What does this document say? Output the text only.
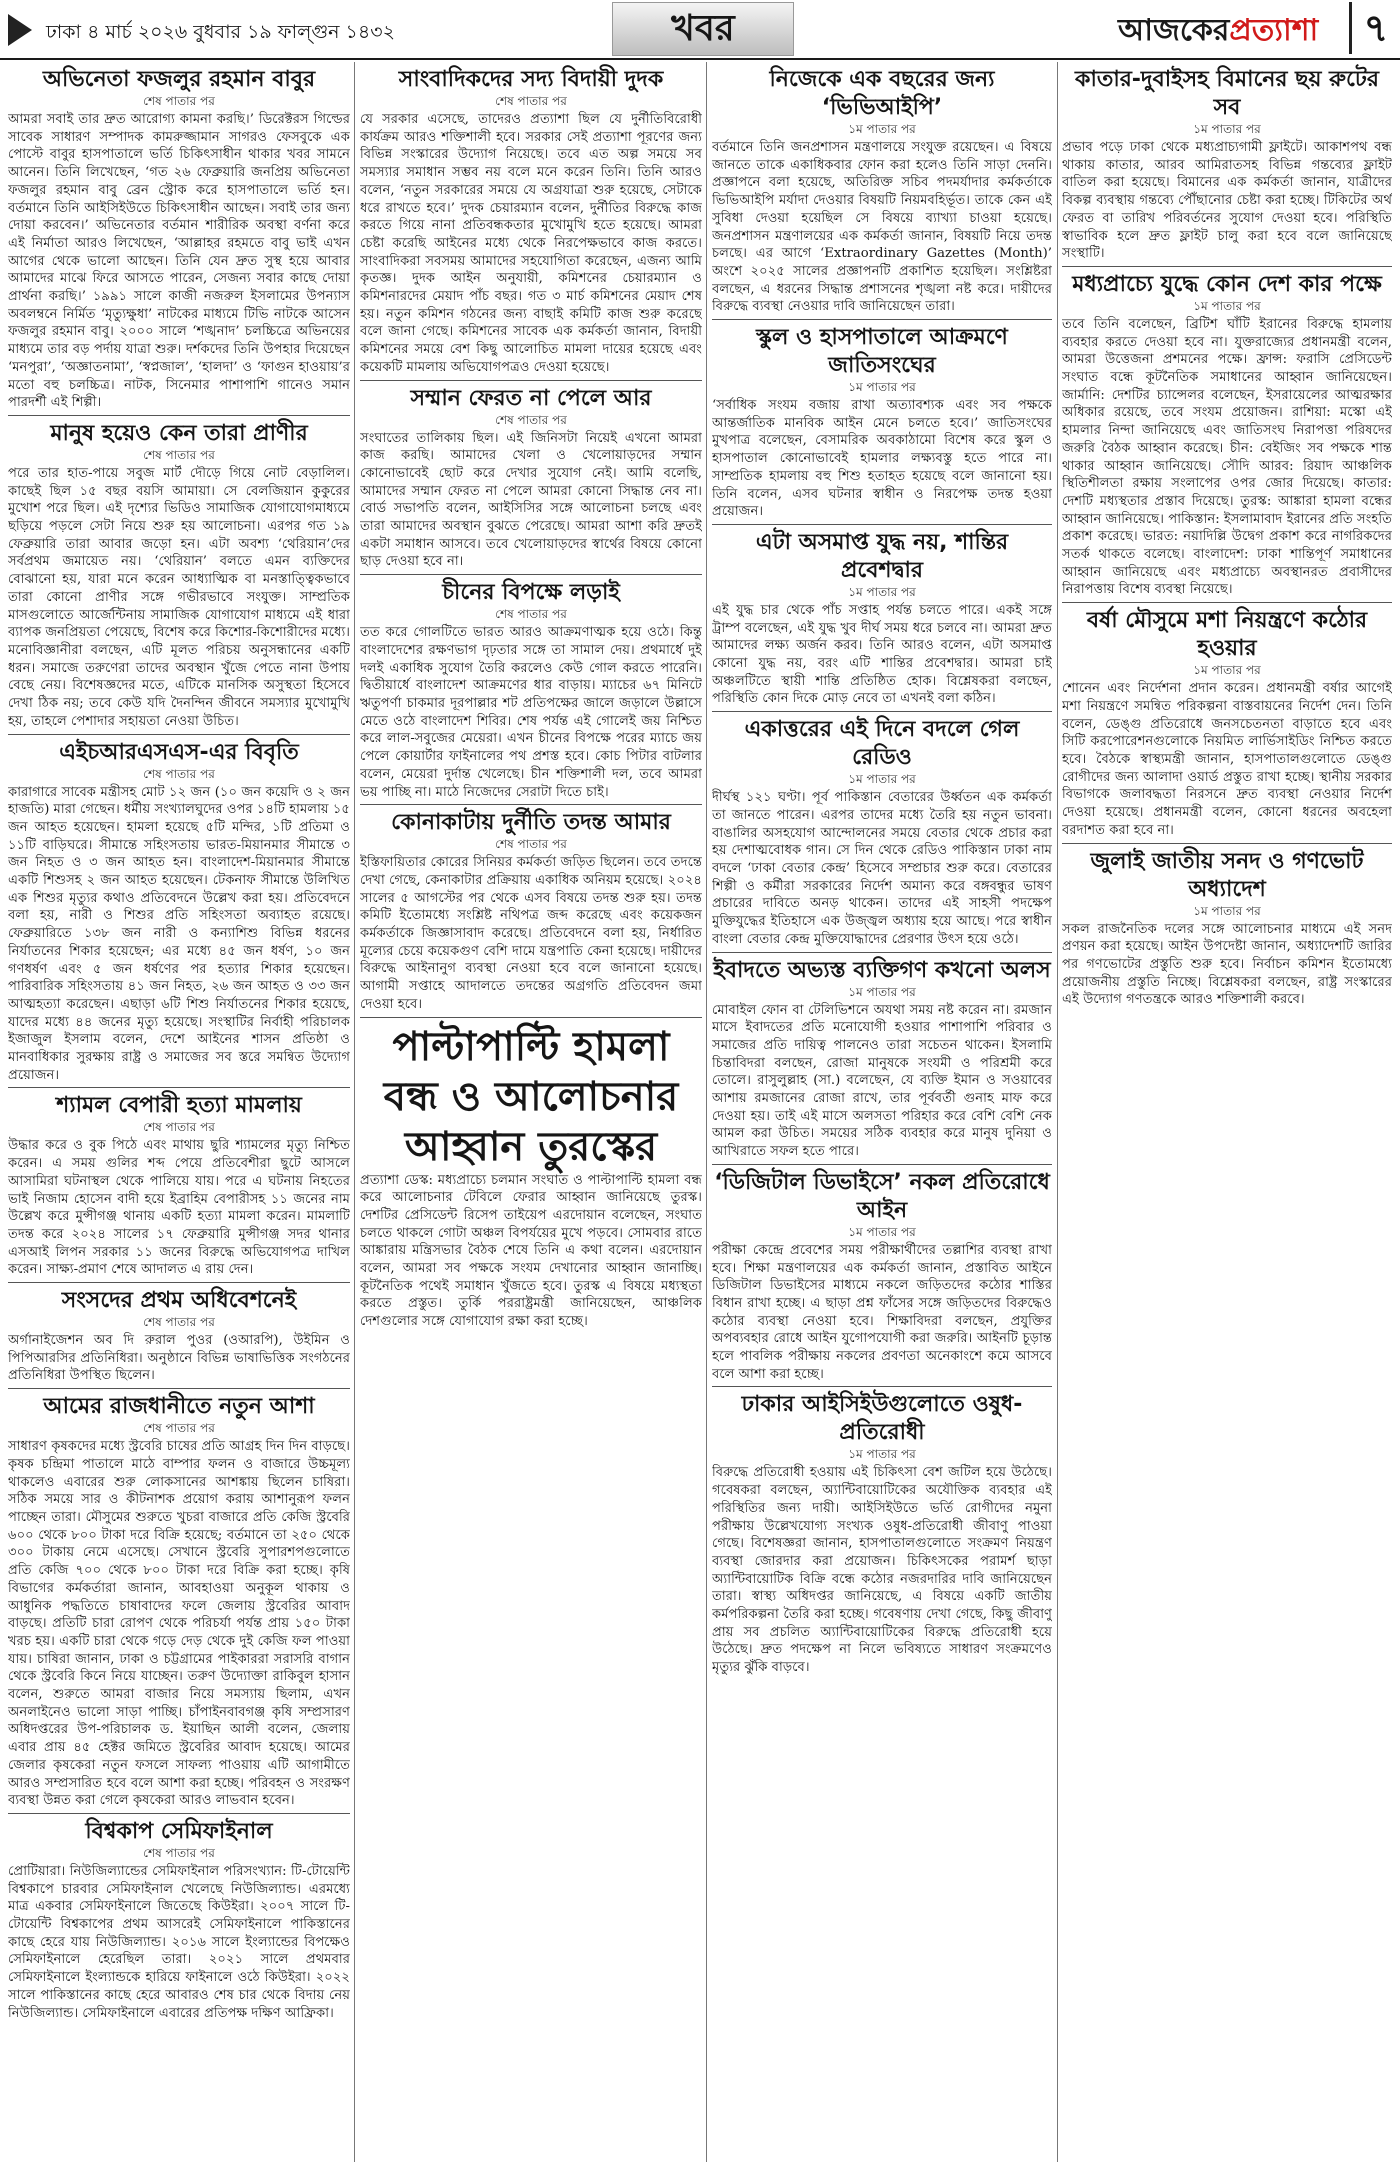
ঢাকা ৪ মার্চ ২০২৬ বুধবার ১৯ ফাল্গুন ১৪৩২	খবর	আজকেরপ্রত্যাশা	৭
অভিনেতা ফজলুর রহমান বাবুর
শেষ পাতার পর

আমরা সবাই তার দ্রুত আরোগ্য কামনা করছি।’ ডিরেক্টরস গিল্ডের সাবেক সাধারণ সম্পাদক কামরুজ্জামান সাগরও ফেসবুকে এক পোস্টে বাবুর হাসপাতালে ভর্তি চিকিৎসাধীন থাকার খবর সামনে আনেন। তিনি লিখেছেন, ‘গত ২৬ ফেব্রুয়ারি জনপ্রিয় অভিনেতা ফজলুর রহমান বাবু ব্রেন স্ট্রোক করে হাসপাতালে ভর্তি হন। বর্তমানে তিনি আইসিইউতে চিকিৎসাধীন আছেন। সবাই তার জন্য দোয়া করবেন।’ অভিনেতার বর্তমান শারীরিক অবস্থা বর্ণনা করে এই নির্মাতা আরও লিখেছেন, ‘আল্লাহর রহমতে বাবু ভাই এখন আগের থেকে ভালো আছেন। তিনি যেন দ্রুত সুস্থ হয়ে আবার আমাদের মাঝে ফিরে আসতে পারেন, সেজন্য সবার কাছে দোয়া প্রার্থনা করছি।’ ১৯৯১ সালে কাজী নজরুল ইসলামের উপন্যাস অবলম্বনে নির্মিত ‘মৃত্যুক্ষুধা’ নাটকের মাধ্যমে টিভি নাটকে আসেন ফজলুর রহমান বাবু। ২০০০ সালে ‘শঙ্খনাদ’ চলচ্চিত্রে অভিনয়ের মাধ্যমে তার বড় পর্দায় যাত্রা শুরু। দর্শকদের তিনি উপহার দিয়েছেন ‘মনপুরা’, ‘অজ্ঞাতনামা’, ‘স্বপ্নজাল’, ‘হালদা’ ও ‘ফাগুন হাওয়ায়’র মতো বহু চলচ্চিত্র। নাটক, সিনেমার পাশাপাশি গানেও সমান পারদর্শী এই শিল্পী।

মানুষ হয়েও কেন তারা প্রাণীর
শেষ পাতার পর

পরে তার হাত-পায়ে সবুজ মার্ট দৌড়ে গিয়ে নোট বেড়ালিল। কাছেই ছিল ১৫ বছর বয়সি আমায়া। সে বেলজিয়ান কুকুরের মুখোশ পরে ছিল। এই দৃশ্যের ভিডিও সামাজিক যোগাযোগমাধ্যমে ছড়িয়ে পড়লে সেটা নিয়ে শুরু হয় আলোচনা। এরপর গত ১৯ ফেব্রুয়ারি তারা আবার জড়ো হন। এটা অবশ্য ‘থেরিয়ান’দের সর্বপ্রথম জমায়েত নয়। ‘থেরিয়ান’ বলতে এমন ব্যক্তিদের বোঝানো হয়, যারা মনে করেন আধ্যাত্মিক বা মনস্তাত্ত্বিকভাবে তারা কোনো প্রাণীর সঙ্গে গভীরভাবে সংযুক্ত। সাম্প্রতিক মাসগুলোতে আর্জেন্টিনায় সামাজিক যোগাযোগ মাধ্যমে এই ধারা ব্যাপক জনপ্রিয়তা পেয়েছে, বিশেষ করে কিশোর-কিশোরীদের মধ্যে। মনোবিজ্ঞানীরা বলছেন, এটি মূলত পরিচয় অনুসন্ধানের একটি ধরন। সমাজে তরুণেরা তাদের অবস্থান খুঁজে পেতে নানা উপায় বেছে নেয়। বিশেষজ্ঞদের মতে, এটিকে মানসিক অসুস্থতা হিসেবে দেখা ঠিক নয়; তবে কেউ যদি দৈনন্দিন জীবনে সমস্যার মুখোমুখি হয়, তাহলে পেশাদার সহায়তা নেওয়া উচিত।

এইচআরএসএস-এর বিবৃতি
শেষ পাতার পর

কারাগারে সাবেক মন্ত্রীসহ মোট ১২ জন (১০ জন কয়েদি ও ২ জন হাজতি) মারা গেছেন। ধর্মীয় সংখ্যালঘুদের ওপর ১৪টি হামলায় ১৫ জন আহত হয়েছেন। হামলা হয়েছে ৫টি মন্দির, ১টি প্রতিমা ও ১১টি বাড়িঘরে। সীমান্তে সহিংসতায় ভারত-মিয়ানমার সীমান্তে ৩ জন নিহত ও ৩ জন আহত হন। বাংলাদেশ-মিয়ানমার সীমান্তে একটি শিশুসহ ২ জন আহত হয়েছেন। টেকনাফ সীমান্তে উলিখিত এক শিশুর মৃত্যুর কথাও প্রতিবেদনে উল্লেখ করা হয়। প্রতিবেদনে বলা হয়, নারী ও শিশুর প্রতি সহিংসতা অব্যাহত রয়েছে। ফেব্রুয়ারিতে ১৩৮ জন নারী ও কন্যাশিশু বিভিন্ন ধরনের নির্যাতনের শিকার হয়েছেন; এর মধ্যে ৪৫ জন ধর্ষণ, ১০ জন গণধর্ষণ এবং ৫ জন ধর্ষণের পর হত্যার শিকার হয়েছেন। পারিবারিক সহিংসতায় ৪১ জন নিহত, ২৬ জন আহত ও ৩৩ জন আত্মহত্যা করেছেন। এছাড়া ৬টি শিশু নির্যাতনের শিকার হয়েছে, যাদের মধ্যে ৪৪ জনের মৃত্যু হয়েছে। সংস্থাটির নির্বাহী পরিচালক ইজাজুল ইসলাম বলেন, দেশে আইনের শাসন প্রতিষ্ঠা ও মানবাধিকার সুরক্ষায় রাষ্ট্র ও সমাজের সব স্তরে সমন্বিত উদ্যোগ প্রয়োজন।

শ্যামল বেপারী হত্যা মামলায়
শেষ পাতার পর

উদ্ধার করে ও বুক পিঠে এবং মাথায় ছুরি শ্যামলের মৃত্যু নিশ্চিত করেন। এ সময় গুলির শব্দ পেয়ে প্রতিবেশীরা ছুটে আসলে আসামিরা ঘটনাস্থল থেকে পালিয়ে যায়। পরে এ ঘটনায় নিহতের ভাই নিজাম হোসেন বাদী হয়ে ইব্রাহিম বেপারীসহ ১১ জনের নাম উল্লেখ করে মুন্সীগঞ্জ থানায় একটি হত্যা মামলা করেন। মামলাটি তদন্ত করে ২০২৪ সালের ১৭ ফেব্রুয়ারি মুন্সীগঞ্জ সদর থানার এসআই লিপন সরকার ১১ জনের বিরুদ্ধে অভিযোগপত্র দাখিল করেন। সাক্ষ্য-প্রমাণ শেষে আদালত এ রায় দেন।

সংসদের প্রথম অধিবেশনেই
শেষ পাতার পর

অর্গানাইজেশন অব দি রুরাল পুওর (ওআরপি), উইমিন ও পিপিআরসির প্রতিনিধিরা। অনুষ্ঠানে বিভিন্ন ভাষাভিত্তিক সংগঠনের প্রতিনিধিরা উপস্থিত ছিলেন।

আমের রাজধানীতে নতুন আশা
শেষ পাতার পর

সাধারণ কৃষকদের মধ্যে স্ট্রবেরি চাষের প্রতি আগ্রহ দিন দিন বাড়ছে। কৃষক চন্দ্রিমা পাতালে মাঠে বাম্পার ফলন ও বাজারে উচ্চমূল্য থাকলেও এবারের শুরু লোকসানের আশঙ্কায় ছিলেন চাষিরা। সঠিক সময়ে সার ও কীটনাশক প্রয়োগ করায় আশানুরূপ ফলন পাচ্ছেন তারা। মৌসুমের শুরুতে খুচরা বাজারে প্রতি কেজি স্ট্রবেরি ৬০০ থেকে ৮০০ টাকা দরে বিক্রি হয়েছে; বর্তমানে তা ২৫০ থেকে ৩০০ টাকায় নেমে এসেছে। সেখানে স্ট্রবেরি সুপারশপগুলোতে প্রতি কেজি ৭০০ থেকে ৮০০ টাকা দরে বিক্রি করা হচ্ছে। কৃষি বিভাগের কর্মকর্তারা জানান, আবহাওয়া অনুকূল থাকায় ও আধুনিক পদ্ধতিতে চাষাবাদের ফলে জেলায় স্ট্রবেরির আবাদ বাড়ছে। প্রতিটি চারা রোপণ থেকে পরিচর্যা পর্যন্ত প্রায় ১৫০ টাকা খরচ হয়। একটি চারা থেকে গড়ে দেড় থেকে দুই কেজি ফল পাওয়া যায়। চাষিরা জানান, ঢাকা ও চট্টগ্রামের পাইকাররা সরাসরি বাগান থেকে স্ট্রবেরি কিনে নিয়ে যাচ্ছেন। তরুণ উদ্যোক্তা রাকিবুল হাসান বলেন, শুরুতে আমরা বাজার নিয়ে সমস্যায় ছিলাম, এখন অনলাইনেও ভালো সাড়া পাচ্ছি। চাঁপাইনবাবগঞ্জ কৃষি সম্প্রসারণ অধিদপ্তরের উপ-পরিচালক ড. ইয়াছিন আলী বলেন, জেলায় এবার প্রায় ৪৫ হেক্টর জমিতে স্ট্রবেরির আবাদ হয়েছে। আমের জেলার কৃষকেরা নতুন ফসলে সাফল্য পাওয়ায় এটি আগামীতে আরও সম্প্রসারিত হবে বলে আশা করা হচ্ছে। পরিবহন ও সংরক্ষণ ব্যবস্থা উন্নত করা গেলে কৃষকেরা আরও লাভবান হবেন।

বিশ্বকাপ সেমিফাইনাল
শেষ পাতার পর

প্রোটিয়ারা। নিউজিল্যান্ডের সেমিফাইনাল পরিসংখ্যান: টি-টোয়েন্টি বিশ্বকাপে চারবার সেমিফাইনাল খেলেছে নিউজিল্যান্ড। এরমধ্যে মাত্র একবার সেমিফাইনালে জিতেছে কিউইরা। ২০০৭ সালে টি-টোয়েন্টি বিশ্বকাপের প্রথম আসরেই সেমিফাইনালে পাকিস্তানের কাছে হেরে যায় নিউজিল্যান্ড। ২০১৬ সালে ইংল্যান্ডের বিপক্ষেও সেমিফাইনালে হেরেছিল তারা। ২০২১ সালে প্রথমবার সেমিফাইনালে ইংল্যান্ডকে হারিয়ে ফাইনালে ওঠে কিউইরা। ২০২২ সালে পাকিস্তানের কাছে হেরে আবারও শেষ চার থেকে বিদায় নেয় নিউজিল্যান্ড। সেমিফাইনালে এবারের প্রতিপক্ষ দক্ষিণ আফ্রিকা।

সাংবাদিকদের সদ্য বিদায়ী দুদক
শেষ পাতার পর

যে সরকার এসেছে, তাদেরও প্রত্যাশা ছিল যে দুর্নীতিবিরোধী কার্যক্রম আরও শক্তিশালী হবে। সরকার সেই প্রত্যাশা পূরণের জন্য বিভিন্ন সংস্কারের উদ্যোগ নিয়েছে। তবে এত অল্প সময়ে সব সমস্যার সমাধান সম্ভব নয় বলে মনে করেন তিনি। তিনি আরও বলেন, ‘নতুন সরকারের সময়ে যে অগ্রযাত্রা শুরু হয়েছে, সেটাকে ধরে রাখতে হবে।’ দুদক চেয়ারম্যান বলেন, দুর্নীতির বিরুদ্ধে কাজ করতে গিয়ে নানা প্রতিবন্ধকতার মুখোমুখি হতে হয়েছে। আমরা চেষ্টা করেছি আইনের মধ্যে থেকে নিরপেক্ষভাবে কাজ করতে। সাংবাদিকরা সবসময় আমাদের সহযোগিতা করেছেন, এজন্য আমি কৃতজ্ঞ। দুদক আইন অনুযায়ী, কমিশনের চেয়ারম্যান ও কমিশনারদের মেয়াদ পাঁচ বছর। গত ৩ মার্চ কমিশনের মেয়াদ শেষ হয়। নতুন কমিশন গঠনের জন্য বাছাই কমিটি কাজ শুরু করেছে বলে জানা গেছে। কমিশনের সাবেক এক কর্মকর্তা জানান, বিদায়ী কমিশনের সময়ে বেশ কিছু আলোচিত মামলা দায়ের হয়েছে এবং কয়েকটি মামলায় অভিযোগপত্রও দেওয়া হয়েছে।

সম্মান ফেরত না পেলে আর
শেষ পাতার পর

সংঘাতের তালিকায় ছিল। এই জিনিসটা নিয়েই এখনো আমরা কাজ করছি। আমাদের খেলা ও খেলোয়াড়দের সম্মান কোনোভাবেই ছোট করে দেখার সুযোগ নেই। আমি বলেছি, আমাদের সম্মান ফেরত না পেলে আমরা কোনো সিদ্ধান্ত নেব না। বোর্ড সভাপতি বলেন, আইসিসির সঙ্গে আলোচনা চলছে এবং তারা আমাদের অবস্থান বুঝতে পেরেছে। আমরা আশা করি দ্রুতই একটা সমাধান আসবে। তবে খেলোয়াড়দের স্বার্থের বিষয়ে কোনো ছাড় দেওয়া হবে না।

চীনের বিপক্ষে লড়াই
শেষ পাতার পর

তত করে গোলটিতে ভারত আরও আক্রমণাত্মক হয়ে ওঠে। কিন্তু বাংলাদেশের রক্ষণভাগ দৃঢ়তার সঙ্গে তা সামাল দেয়। প্রথমার্ধে দুই দলই একাধিক সুযোগ তৈরি করলেও কেউ গোল করতে পারেনি। দ্বিতীয়ার্ধে বাংলাদেশ আক্রমণের ধার বাড়ায়। ম্যাচের ৬৭ মিনিটে ঋতুপর্ণা চাকমার দূরপাল্লার শট প্রতিপক্ষের জালে জড়ালে উল্লাসে মেতে ওঠে বাংলাদেশ শিবির। শেষ পর্যন্ত এই গোলেই জয় নিশ্চিত করে লাল-সবুজের মেয়েরা। এখন চীনের বিপক্ষে পরের ম্যাচে জয় পেলে কোয়ার্টার ফাইনালের পথ প্রশস্ত হবে। কোচ পিটার বাটলার বলেন, মেয়েরা দুর্দান্ত খেলেছে। চীন শক্তিশালী দল, তবে আমরা ভয় পাচ্ছি না। মাঠে নিজেদের সেরাটা দিতে চাই।

কোনাকাটায় দুর্নীতি তদন্ত আমার
শেষ পাতার পর

ইস্তিফায়িতার কোরের সিনিয়র কর্মকর্তা জড়িত ছিলেন। তবে তদন্তে দেখা গেছে, কেনাকাটার প্রক্রিয়ায় একাধিক অনিয়ম হয়েছে। ২০২৪ সালের ৫ আগস্টের পর থেকে এসব বিষয়ে তদন্ত শুরু হয়। তদন্ত কমিটি ইতোমধ্যে সংশ্লিষ্ট নথিপত্র জব্দ করেছে এবং কয়েকজন কর্মকর্তাকে জিজ্ঞাসাবাদ করেছে। প্রতিবেদনে বলা হয়, নির্ধারিত মূল্যের চেয়ে কয়েকগুণ বেশি দামে যন্ত্রপাতি কেনা হয়েছে। দায়ীদের বিরুদ্ধে আইনানুগ ব্যবস্থা নেওয়া হবে বলে জানানো হয়েছে। আগামী সপ্তাহে আদালতে তদন্তের অগ্রগতি প্রতিবেদন জমা দেওয়া হবে।

পাল্টাপাল্টি হামলা বন্ধ ও আলোচনার আহ্বান তুরস্কের

প্রত্যাশা ডেস্ক: মধ্যপ্রাচ্যে চলমান সংঘাত ও পাল্টাপাল্টি হামলা বন্ধ করে আলোচনার টেবিলে ফেরার আহ্বান জানিয়েছে তুরস্ক। দেশটির প্রেসিডেন্ট রিসেপ তাইয়েপ এরদোয়ান বলেছেন, সংঘাত চলতে থাকলে গোটা অঞ্চল বিপর্যয়ের মুখে পড়বে। সোমবার রাতে আঙ্কারায় মন্ত্রিসভার বৈঠক শেষে তিনি এ কথা বলেন। এরদোয়ান বলেন, আমরা সব পক্ষকে সংযম দেখানোর আহ্বান জানাচ্ছি। কূটনৈতিক পথেই সমাধান খুঁজতে হবে। তুরস্ক এ বিষয়ে মধ্যস্থতা করতে প্রস্তুত। তুর্কি পররাষ্ট্রমন্ত্রী জানিয়েছেন, আঞ্চলিক দেশগুলোর সঙ্গে যোগাযোগ রক্ষা করা হচ্ছে।

নিজেকে এক বছরের জন্য ‘ভিভিআইপি’
১ম পাতার পর

বর্তমানে তিনি জনপ্রশাসন মন্ত্রণালয়ে সংযুক্ত রয়েছেন। এ বিষয়ে জানতে তাকে একাধিকবার ফোন করা হলেও তিনি সাড়া দেননি। প্রজ্ঞাপনে বলা হয়েছে, অতিরিক্ত সচিব পদমর্যাদার কর্মকর্তাকে ভিভিআইপি মর্যাদা দেওয়ার বিষয়টি নিয়মবহির্ভূত। তাকে কেন এই সুবিধা দেওয়া হয়েছিল সে বিষয়ে ব্যাখ্যা চাওয়া হয়েছে। জনপ্রশাসন মন্ত্রণালয়ের এক কর্মকর্তা জানান, বিষয়টি নিয়ে তদন্ত চলছে। এর আগে ‘Extraordinary Gazettes (Month)’ অংশে ২০২৫ সালের প্রজ্ঞাপনটি প্রকাশিত হয়েছিল। সংশ্লিষ্টরা বলছেন, এ ধরনের সিদ্ধান্ত প্রশাসনের শৃঙ্খলা নষ্ট করে। দায়ীদের বিরুদ্ধে ব্যবস্থা নেওয়ার দাবি জানিয়েছেন তারা।

স্কুল ও হাসপাতালে আক্রমণে জাতিসংঘের
১ম পাতার পর

‘সর্বাধিক সংযম বজায় রাখা অত্যাবশ্যক এবং সব পক্ষকে আন্তর্জাতিক মানবিক আইন মেনে চলতে হবে।’ জাতিসংঘের মুখপাত্র বলেছেন, বেসামরিক অবকাঠামো বিশেষ করে স্কুল ও হাসপাতাল কোনোভাবেই হামলার লক্ষ্যবস্তু হতে পারে না। সাম্প্রতিক হামলায় বহু শিশু হতাহত হয়েছে বলে জানানো হয়। তিনি বলেন, এসব ঘটনার স্বাধীন ও নিরপেক্ষ তদন্ত হওয়া প্রয়োজন।

এটা অসমাপ্ত যুদ্ধ নয়, শান্তির প্রবেশদ্বার
১ম পাতার পর

এই যুদ্ধ চার থেকে পাঁচ সপ্তাহ পর্যন্ত চলতে পারে। একই সঙ্গে ট্রাম্প বলেছেন, এই যুদ্ধ খুব দীর্ঘ সময় ধরে চলবে না। আমরা দ্রুত আমাদের লক্ষ্য অর্জন করব। তিনি আরও বলেন, এটা অসমাপ্ত কোনো যুদ্ধ নয়, বরং এটি শান্তির প্রবেশদ্বার। আমরা চাই অঞ্চলটিতে স্থায়ী শান্তি প্রতিষ্ঠিত হোক। বিশ্লেষকরা বলছেন, পরিস্থিতি কোন দিকে মোড় নেবে তা এখনই বলা কঠিন।

একাত্তরের এই দিনে বদলে গেল রেডিও
১ম পাতার পর

দীর্ঘস্থ ১২১ ঘণ্টা। পূর্ব পাকিস্তান বেতারের উর্ধ্বতন এক কর্মকর্তা তা জানতে পারেন। এরপর তাদের মধ্যে তৈরি হয় নতুন ভাবনা। বাঙালির অসহযোগ আন্দোলনের সময়ে বেতার থেকে প্রচার করা হয় দেশাত্মবোধক গান। সে দিন থেকে রেডিও পাকিস্তান ঢাকা নাম বদলে ‘ঢাকা বেতার কেন্দ্র’ হিসেবে সম্প্রচার শুরু করে। বেতারের শিল্পী ও কর্মীরা সরকারের নির্দেশ অমান্য করে বঙ্গবন্ধুর ভাষণ প্রচারের দাবিতে অনড় থাকেন। তাদের এই সাহসী পদক্ষেপ মুক্তিযুদ্ধের ইতিহাসে এক উজ্জ্বল অধ্যায় হয়ে আছে। পরে স্বাধীন বাংলা বেতার কেন্দ্র মুক্তিযোদ্ধাদের প্রেরণার উৎস হয়ে ওঠে।

ইবাদতে অভ্যস্ত ব্যক্তিগণ কখনো অলস
১ম পাতার পর

মোবাইল ফোন বা টেলিভিশনে অযথা সময় নষ্ট করেন না। রমজান মাসে ইবাদতের প্রতি মনোযোগী হওয়ার পাশাপাশি পরিবার ও সমাজের প্রতি দায়িত্ব পালনেও তারা সচেতন থাকেন। ইসলামি চিন্তাবিদরা বলছেন, রোজা মানুষকে সংযমী ও পরিশ্রমী করে তোলে। রাসুলুল্লাহ (সা.) বলেছেন, যে ব্যক্তি ইমান ও সওয়াবের আশায় রমজানের রোজা রাখে, তার পূর্ববর্তী গুনাহ মাফ করে দেওয়া হয়। তাই এই মাসে অলসতা পরিহার করে বেশি বেশি নেক আমল করা উচিত। সময়ের সঠিক ব্যবহার করে মানুষ দুনিয়া ও আখিরাতে সফল হতে পারে।

‘ডিজিটাল ডিভাইসে’ নকল প্রতিরোধে আইন
১ম পাতার পর

পরীক্ষা কেন্দ্রে প্রবেশের সময় পরীক্ষার্থীদের তল্লাশির ব্যবস্থা রাখা হবে। শিক্ষা মন্ত্রণালয়ের এক কর্মকর্তা জানান, প্রস্তাবিত আইনে ডিজিটাল ডিভাইসের মাধ্যমে নকলে জড়িতদের কঠোর শাস্তির বিধান রাখা হচ্ছে। এ ছাড়া প্রশ্ন ফাঁসের সঙ্গে জড়িতদের বিরুদ্ধেও কঠোর ব্যবস্থা নেওয়া হবে। শিক্ষাবিদরা বলছেন, প্রযুক্তির অপব্যবহার রোধে আইন যুগোপযোগী করা জরুরি। আইনটি চূড়ান্ত হলে পাবলিক পরীক্ষায় নকলের প্রবণতা অনেকাংশে কমে আসবে বলে আশা করা হচ্ছে।

ঢাকার আইসিইউগুলোতে ওষুধ-প্রতিরোধী
১ম পাতার পর

বিরুদ্ধে প্রতিরোধী হওয়ায় এই চিকিৎসা বেশ জটিল হয়ে উঠেছে। গবেষকরা বলছেন, অ্যান্টিবায়োটিকের অযৌক্তিক ব্যবহার এই পরিস্থিতির জন্য দায়ী। আইসিইউতে ভর্তি রোগীদের নমুনা পরীক্ষায় উল্লেখযোগ্য সংখ্যক ওষুধ-প্রতিরোধী জীবাণু পাওয়া গেছে। বিশেষজ্ঞরা জানান, হাসপাতালগুলোতে সংক্রমণ নিয়ন্ত্রণ ব্যবস্থা জোরদার করা প্রয়োজন। চিকিৎসকের পরামর্শ ছাড়া অ্যান্টিবায়োটিক বিক্রি বন্ধে কঠোর নজরদারির দাবি জানিয়েছেন তারা। স্বাস্থ্য অধিদপ্তর জানিয়েছে, এ বিষয়ে একটি জাতীয় কর্মপরিকল্পনা তৈরি করা হচ্ছে। গবেষণায় দেখা গেছে, কিছু জীবাণু প্রায় সব প্রচলিত অ্যান্টিবায়োটিকের বিরুদ্ধে প্রতিরোধী হয়ে উঠেছে। দ্রুত পদক্ষেপ না নিলে ভবিষ্যতে সাধারণ সংক্রমণেও মৃত্যুর ঝুঁকি বাড়বে।

কাতার-দুবাইসহ বিমানের ছয় রুটের সব
১ম পাতার পর

প্রভাব পড়ে ঢাকা থেকে মধ্যপ্রাচ্যগামী ফ্লাইটে। আকাশপথ বন্ধ থাকায় কাতার, আরব আমিরাতসহ বিভিন্ন গন্তব্যের ফ্লাইট বাতিল করা হয়েছে। বিমানের এক কর্মকর্তা জানান, যাত্রীদের বিকল্প ব্যবস্থায় গন্তব্যে পৌঁছানোর চেষ্টা করা হচ্ছে। টিকিটের অর্থ ফেরত বা তারিখ পরিবর্তনের সুযোগ দেওয়া হবে। পরিস্থিতি স্বাভাবিক হলে দ্রুত ফ্লাইট চালু করা হবে বলে জানিয়েছে সংস্থাটি।

মধ্যপ্রাচ্যে যুদ্ধে কোন দেশ কার পক্ষে
১ম পাতার পর

তবে তিনি বলেছেন, ব্রিটিশ ঘাঁটি ইরানের বিরুদ্ধে হামলায় ব্যবহার করতে দেওয়া হবে না। যুক্তরাজ্যের প্রধানমন্ত্রী বলেন, আমরা উত্তেজনা প্রশমনের পক্ষে। ফ্রান্স: ফরাসি প্রেসিডেন্ট সংঘাত বন্ধে কূটনৈতিক সমাধানের আহ্বান জানিয়েছেন। জার্মানি: দেশটির চ্যান্সেলর বলেছেন, ইসরায়েলের আত্মরক্ষার অধিকার রয়েছে, তবে সংযম প্রয়োজন। রাশিয়া: মস্কো এই হামলার নিন্দা জানিয়েছে এবং জাতিসংঘ নিরাপত্তা পরিষদের জরুরি বৈঠক আহ্বান করেছে। চীন: বেইজিং সব পক্ষকে শান্ত থাকার আহ্বান জানিয়েছে। সৌদি আরব: রিয়াদ আঞ্চলিক স্থিতিশীলতা রক্ষায় সংলাপের ওপর জোর দিয়েছে। কাতার: দেশটি মধ্যস্থতার প্রস্তাব দিয়েছে। তুরস্ক: আঙ্কারা হামলা বন্ধের আহ্বান জানিয়েছে। পাকিস্তান: ইসলামাবাদ ইরানের প্রতি সংহতি প্রকাশ করেছে। ভারত: নয়াদিল্লি উদ্বেগ প্রকাশ করে নাগরিকদের সতর্ক থাকতে বলেছে। বাংলাদেশ: ঢাকা শান্তিপূর্ণ সমাধানের আহ্বান জানিয়েছে এবং মধ্যপ্রাচ্যে অবস্থানরত প্রবাসীদের নিরাপত্তায় বিশেষ ব্যবস্থা নিয়েছে।

বর্ষা মৌসুমে মশা নিয়ন্ত্রণে কঠোর হওয়ার
১ম পাতার পর

শোনেন এবং নির্দেশনা প্রদান করেন। প্রধানমন্ত্রী বর্ষার আগেই মশা নিয়ন্ত্রণে সমন্বিত পরিকল্পনা বাস্তবায়নের নির্দেশ দেন। তিনি বলেন, ডেঙ্গু প্রতিরোধে জনসচেতনতা বাড়াতে হবে এবং সিটি করপোরেশনগুলোকে নিয়মিত লার্ভিসাইডিং নিশ্চিত করতে হবে। বৈঠকে স্বাস্থ্যমন্ত্রী জানান, হাসপাতালগুলোতে ডেঙ্গু রোগীদের জন্য আলাদা ওয়ার্ড প্রস্তুত রাখা হচ্ছে। স্থানীয় সরকার বিভাগকে জলাবদ্ধতা নিরসনে দ্রুত ব্যবস্থা নেওয়ার নির্দেশ দেওয়া হয়েছে। প্রধানমন্ত্রী বলেন, কোনো ধরনের অবহেলা বরদাশত করা হবে না।

জুলাই জাতীয় সনদ ও গণভোট অধ্যাদেশ
১ম পাতার পর

সকল রাজনৈতিক দলের সঙ্গে আলোচনার মাধ্যমে এই সনদ প্রণয়ন করা হয়েছে। আইন উপদেষ্টা জানান, অধ্যাদেশটি জারির পর গণভোটের প্রস্তুতি শুরু হবে। নির্বাচন কমিশন ইতোমধ্যে প্রয়োজনীয় প্রস্তুতি নিচ্ছে। বিশ্লেষকরা বলছেন, রাষ্ট্র সংস্কারের এই উদ্যোগ গণতন্ত্রকে আরও শক্তিশালী করবে।
